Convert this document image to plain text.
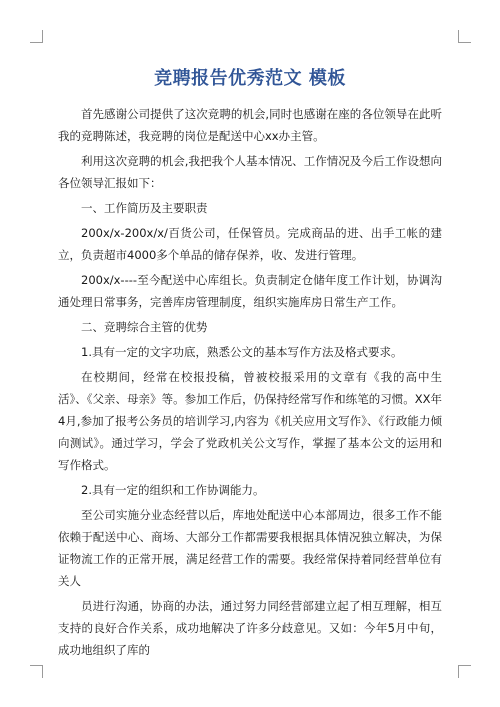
竞聘报告优秀范文 模板

首先感谢公司提供了这次竞聘的机会,同时也感谢在座的各位领导在此听我的竞聘陈述，我竞聘的岗位是配送中心xx办主管。

利用这次竞聘的机会,我把我个人基本情况、工作情况及今后工作设想向各位领导汇报如下：

一、工作简历及主要职责

200x/x-200x/x/百货公司，任保管员。完成商品的进、出手工帐的建立，负责超市4000多个单品的储存保养，收、发进行管理。

200x/x----至今配送中心库组长。负责制定仓储年度工作计划，协调沟通处理日常事务，完善库房管理制度，组织实施库房日常生产工作。

二、竞聘综合主管的优势

1.具有一定的文字功底，熟悉公文的基本写作方法及格式要求。

在校期间，经常在校报投稿，曾被校报采用的文章有《我的高中生活》、《父亲、母亲》等。参加工作后，仍保持经常写作和练笔的习惯。XX年4月,参加了报考公务员的培训学习,内容为《机关应用文写作》、《行政能力倾向测试》。通过学习，学会了党政机关公文写作，掌握了基本公文的运用和写作格式。

2.具有一定的组织和工作协调能力。

至公司实施分业态经营以后，库地处配送中心本部周边，很多工作不能依赖于配送中心、商场、大部分工作都需要我根据具体情况独立解决，为保证物流工作的正常开展，满足经营工作的需要。我经常保持着同经营单位有关人

员进行沟通，协商的办法，通过努力同经营部建立起了相互理解，相互支持的良好合作关系，成功地解决了许多分歧意见。又如：今年5月中旬，成功地组织了库的
